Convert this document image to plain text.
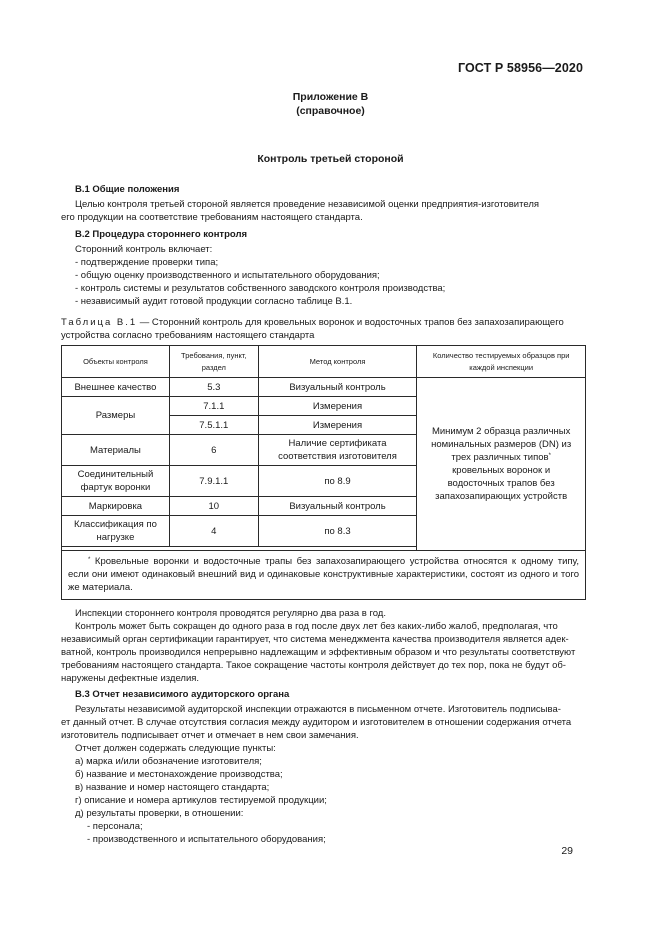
ГОСТ Р 58956—2020
Приложение В
(справочное)
Контроль третьей стороной
В.1 Общие положения
Целью контроля третьей стороной является проведение независимой оценки предприятия-изготовителя
его продукции на соответствие требованиям настоящего стандарта.
В.2 Процедура стороннего контроля
Сторонний контроль включает:
- подтверждение проверки типа;
- общую оценку производственного и испытательного оборудования;
- контроль системы и результатов собственного заводского контроля производства;
- независимый аудит готовой продукции согласно таблице В.1.
Таблица В.1 — Сторонний контроль для кровельных воронок и водосточных трапов без запахозапирающего
устройства согласно требованиям настоящего стандарта
Объекты контроля	Требования, пункт, раздел	Метод контроля	Количество тестируемых образцов при каждой инспекции
Внешнее качество	5.3	Визуальный контроль	Минимум 2 образца различных номинальных размеров (DN) из трех различных типов* кровельных воронок и водосточных трапов без запахозапирающих устройств
Размеры	7.1.1	Измерения	
	7.5.1.1	Измерения	
Материалы	6	Наличие сертификата соответствия изготовителя	
Соединительный фартук воронки	7.9.1.1	по 8.9	
Маркировка	10	Визуальный контроль	
Классификация по нагрузке	4	по 8.3	

* Кровельные воронки и водосточные трапы без запахозапирающего устройства относятся к одному типу, если они имеют одинаковый внешний вид и одинаковые конструктивные характеристики, состоят из одного и того же материала.			
Инспекции стороннего контроля проводятся регулярно два раза в год.
Контроль может быть сокращен до одного раза в год после двух лет без каких-либо жалоб, предполагая, что
независимый орган сертификации гарантирует, что система менеджмента качества производителя является адек-
ватной, контроль производился непрерывно надлежащим и эффективным образом и что результаты соответствуют
требованиям настоящего стандарта. Такое сокращение частоты контроля действует до тех пор, пока не будут об-
наружены дефектные изделия.
В.3 Отчет независимого аудиторского органа
Результаты независимой аудиторской инспекции отражаются в письменном отчете. Изготовитель подписыва-
ет данный отчет. В случае отсутствия согласия между аудитором и изготовителем в отношении содержания отчета
изготовитель подписывает отчет и отмечает в нем свои замечания.
Отчет должен содержать следующие пункты:
а) марка и/или обозначение изготовителя;
б) название и местонахождение производства;
в) название и номер настоящего стандарта;
г) описание и номера артикулов тестируемой продукции;
д) результаты проверки, в отношении:
- персонала;
- производственного и испытательного оборудования;
29
